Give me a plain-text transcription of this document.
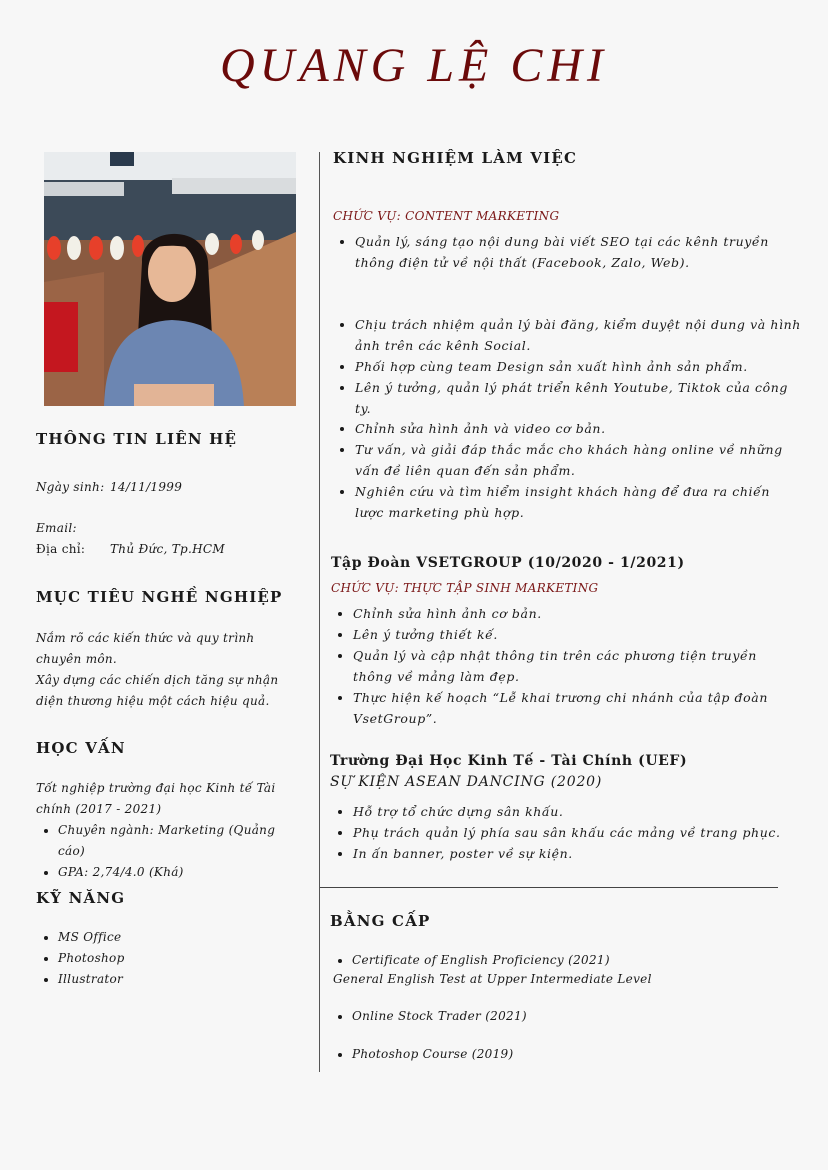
QUANG LỆ CHI
THÔNG TIN LIÊN HỆ
Ngày sinh: 14/11/1999
Email:
Địa chỉ:	Thủ Đức, Tp.HCM
MỤC TIÊU NGHỀ NGHIỆP
Nắm rõ các kiến thức và quy trình chuyên môn.
Xây dựng các chiến dịch tăng sự nhận diện thương hiệu một cách hiệu quả.
HỌC VẤN
Tốt nghiệp trường đại học Kinh tế Tài chính (2017 - 2021)
• Chuyên ngành: Marketing (Quảng cáo)
• GPA: 2,74/4.0 (Khá)
KỸ NĂNG
• MS Office
• Photoshop
• Illustrator
KINH NGHIỆM LÀM VIỆC
CHỨC VỤ: CONTENT MARKETING
• Quản lý, sáng tạo nội dung bài viết SEO tại các kênh truyền thông điện tử về nội thất (Facebook, Zalo, Web).
• Chịu trách nhiệm quản lý bài đăng, kiểm duyệt nội dung và hình ảnh trên các kênh Social.
• Phối hợp cùng team Design sản xuất hình ảnh sản phẩm.
• Lên ý tưởng, quản lý phát triển kênh Youtube, Tiktok của công ty.
• Chỉnh sửa hình ảnh và video cơ bản.
• Tư vấn, và giải đáp thắc mắc cho khách hàng online về những vấn đề liên quan đến sản phẩm.
• Nghiên cứu và tìm hiểm insight khách hàng để đưa ra chiến lược marketing phù hợp.
Tập Đoàn VSETGROUP (10/2020 - 1/2021)
CHỨC VỤ: THỰC TẬP SINH MARKETING
• Chỉnh sửa hình ảnh cơ bản.
• Lên ý tưởng thiết kế.
• Quản lý và cập nhật thông tin trên các phương tiện truyền thông về mảng làm đẹp.
• Thực hiện kế hoạch “Lễ khai trương chi nhánh của tập đoàn VsetGroup”.
Trường Đại Học Kinh Tế - Tài Chính (UEF)
SỰ KIỆN ASEAN DANCING (2020)
• Hỗ trợ tổ chức dựng sân khấu.
• Phụ trách quản lý phía sau sân khấu các mảng về trang phục.
• In ấn banner, poster về sự kiện.
BẰNG CẤP
• Certificate of English Proficiency (2021)
General English Test at Upper Intermediate Level
• Online Stock Trader (2021)
• Photoshop Course (2019)
